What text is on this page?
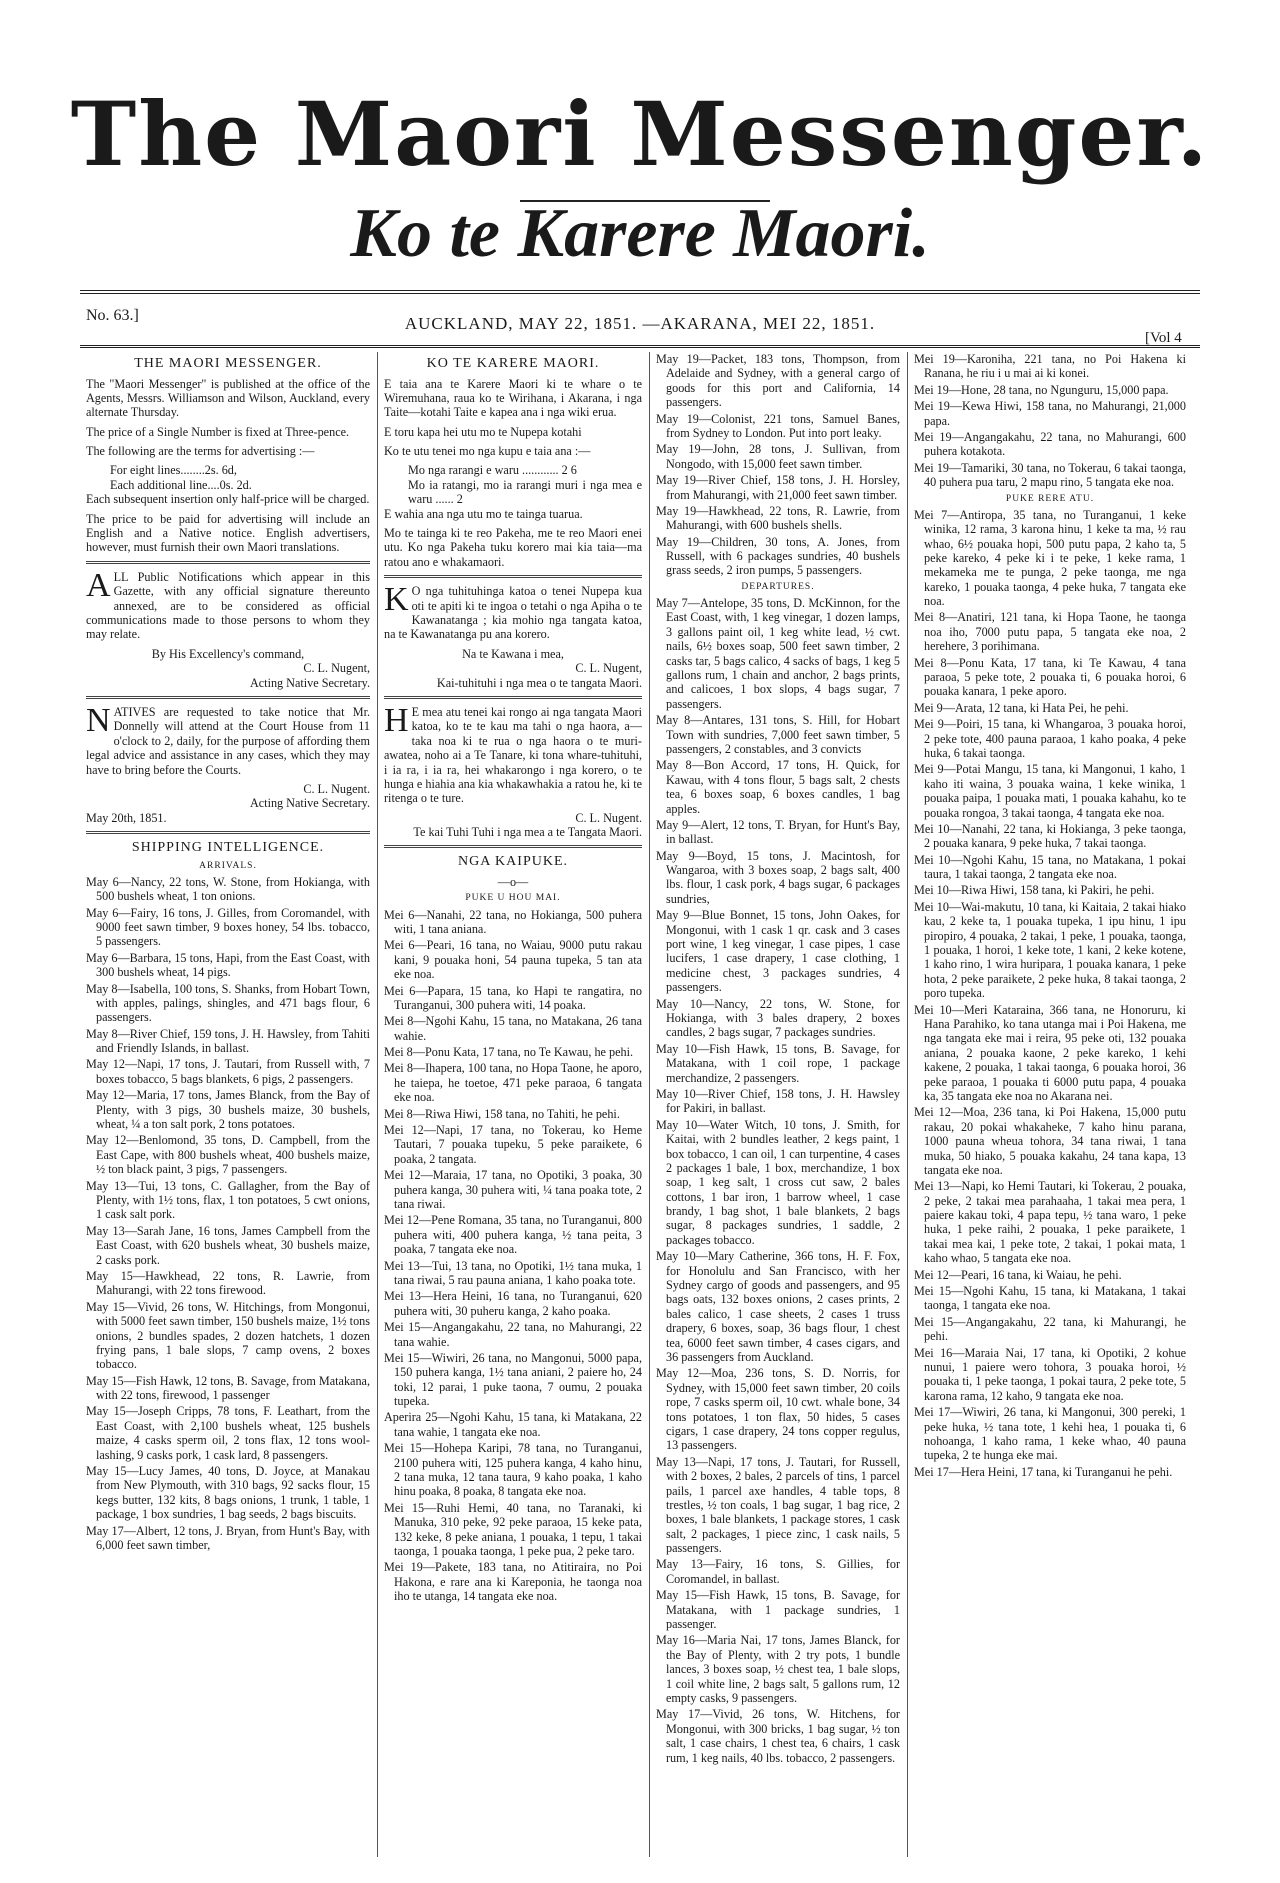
The Maori Messenger.
Ko te Karere Maori.
No. 63.]	AUCKLAND, MAY 22, 1851. —AKARANA, MEI 22, 1851.
[Vol 4
THE MAORI MESSENGER.

The "Maori Messenger" is published at the office of the Agents, Messrs. Williamson and Wilson, Auckland, every alternate Thursday.

The price of a Single Number is fixed at Three-pence.

The following are the terms for advertising :—

For eight lines........2s. 6d,

Each additional line....0s. 2d.

Each subsequent insertion only half-price will be charged.

The price to be paid for advertising will include an English and a Native notice. English advertisers, however, must furnish their own Maori translations.

ALL Public Notifications which appear in this Gazette, with any official signature thereunto annexed, are to be considered as official communications made to those persons to whom they may relate.

By His Excellency's command,

C. L. Nugent,

Acting Native Secretary.

NATIVES are requested to take notice that Mr. Donnelly will attend at the Court House from 11 o'clock to 2, daily, for the purpose of affording them legal advice and assistance in any cases, which they may have to bring before the Courts.

C. L. Nugent.

Acting Native Secretary.

May 20th, 1851.

SHIPPING INTELLIGENCE.
ARRIVALS.

May 6—Nancy, 22 tons, W. Stone, from Hokianga, with 500 bushels wheat, 1 ton onions.

May 6—Fairy, 16 tons, J. Gilles, from Coromandel, with 9000 feet sawn timber, 9 boxes honey, 54 lbs. tobacco, 5 passengers.

May 6—Barbara, 15 tons, Hapi, from the East Coast, with 300 bushels wheat, 14 pigs.

May 8—Isabella, 100 tons, S. Shanks, from Hobart Town, with apples, palings, shingles, and 471 bags flour, 6 passengers.

May 8—River Chief, 159 tons, J. H. Hawsley, from Tahiti and Friendly Islands, in ballast.

May 12—Napi, 17 tons, J. Tautari, from Russell with, 7 boxes tobacco, 5 bags blankets, 6 pigs, 2 passengers.

May 12—Maria, 17 tons, James Blanck, from the Bay of Plenty, with 3 pigs, 30 bushels maize, 30 bushels, wheat, ¼ a ton salt pork, 2 tons potatoes.

May 12—Benlomond, 35 tons, D. Campbell, from the East Cape, with 800 bushels wheat, 400 bushels maize, ½ ton black paint, 3 pigs, 7 passengers.

May 13—Tui, 13 tons, C. Gallagher, from the Bay of Plenty, with 1½ tons, flax, 1 ton potatoes, 5 cwt onions, 1 cask salt pork.

May 13—Sarah Jane, 16 tons, James Campbell from the East Coast, with 620 bushels wheat, 30 bushels maize, 2 casks pork.

May 15—Hawkhead, 22 tons, R. Lawrie, from Mahurangi, with 22 tons firewood.

May 15—Vivid, 26 tons, W. Hitchings, from Mongonui, with 5000 feet sawn timber, 150 bushels maize, 1½ tons onions, 2 bundles spades, 2 dozen hatchets, 1 dozen frying pans, 1 bale slops, 7 camp ovens, 2 boxes tobacco.

May 15—Fish Hawk, 12 tons, B. Savage, from Matakana, with 22 tons, firewood, 1 passenger

May 15—Joseph Cripps, 78 tons, F. Leathart, from the East Coast, with 2,100 bushels wheat, 125 bushels maize, 4 casks sperm oil, 2 tons flax, 12 tons wool-lashing, 9 casks pork, 1 cask lard, 8 passengers.

May 15—Lucy James, 40 tons, D. Joyce, at Manakau from New Plymouth, with 310 bags, 92 sacks flour, 15 kegs butter, 132 kits, 8 bags onions, 1 trunk, 1 table, 1 package, 1 box sundries, 1 bag seeds, 2 bags biscuits.

May 17—Albert, 12 tons, J. Bryan, from Hunt's Bay, with 6,000 feet sawn timber,

KO TE KARERE MAORI.

E taia ana te Karere Maori ki te whare o te Wiremuhana, raua ko te Wirihana, i Akarana, i nga Taite—kotahi Taite e kapea ana i nga wiki erua.

E toru kapa hei utu mo te Nupepa kotahi

Ko te utu tenei mo nga kupu e taia ana :—

Mo nga rarangi e waru ............ 2 6

Mo ia ratangi, mo ia rarangi muri i nga mea e waru ...... 2

E wahia ana nga utu mo te tainga tuarua.

Mo te tainga ki te reo Pakeha, me te reo Maori enei utu. Ko nga Pakeha tuku korero mai kia taia—ma ratou ano e whakamaori.

K O nga tuhituhinga katoa o tenei Nupepa kua oti te apiti ki te ingoa o tetahi o nga Apiha o te Kawanatanga ; kia mohio nga tangata katoa, na te Kawanatanga pu ana korero.

Na te Kawana i mea,

C. L. Nugent,

Kai-tuhituhi i nga mea o te tangata Maori.

H E mea atu tenei kai rongo ai nga tangata Maori katoa, ko te te kau ma tahi o nga haora, a—taka noa ki te rua o nga haora o te muri-awatea, noho ai a Te Tanare, ki tona whare-tuhituhi, i ia ra, i ia ra, hei whakarongo i nga korero, o te hunga e hiahia ana kia whakawhakia a ratou he, ki te ritenga o te ture.

C. L. Nugent.

Te kai Tuhi Tuhi i nga mea a te Tangata Maori.

NGA KAIPUKE.

—o—

PUKE U HOU MAI.

Mei 6—Nanahi, 22 tana, no Hokianga, 500 puhera witi, 1 tana aniana.

Mei 6—Peari, 16 tana, no Waiau, 9000 putu rakau kani, 9 pouaka honi, 54 pauna tupeka, 5 tan ata eke noa.

Mei 6—Papara, 15 tana, ko Hapi te rangatira, no Turanganui, 300 puhera witi, 14 poaka.

Mei 8—Ngohi Kahu, 15 tana, no Matakana, 26 tana wahie.

Mei 8—Ponu Kata, 17 tana, no Te Kawau, he pehi.

Mei 8—Ihapera, 100 tana, no Hopa Taone, he aporo, he taiepa, he toetoe, 471 peke paraoa, 6 tangata eke noa.

Mei 8—Riwa Hiwi, 158 tana, no Tahiti, he pehi.

Mei 12—Napi, 17 tana, no Tokerau, ko Heme Tautari, 7 pouaka tupeku, 5 peke paraikete, 6 poaka, 2 tangata.

Mei 12—Maraia, 17 tana, no Opotiki, 3 poaka, 30 puhera kanga, 30 puhera witi, ¼ tana poaka tote, 2 tana riwai.

Mei 12—Pene Romana, 35 tana, no Turanganui, 800 puhera witi, 400 puhera kanga, ½ tana peita, 3 poaka, 7 tangata eke noa.

Mei 13—Tui, 13 tana, no Opotiki, 1½ tana muka, 1 tana riwai, 5 rau pauna aniana, 1 kaho poaka tote.

Mei 13—Hera Heini, 16 tana, no Turanganui, 620 puhera witi, 30 puheru kanga, 2 kaho poaka.

Mei 15—Angangakahu, 22 tana, no Mahurangi, 22 tana wahie.

Mei 15—Wiwiri, 26 tana, no Mangonui, 5000 papa, 150 puhera kanga, 1½ tana aniani, 2 paiere ho, 24 toki, 12 parai, 1 puke taona, 7 oumu, 2 pouaka tupeka.

Aperira 25—Ngohi Kahu, 15 tana, ki Matakana, 22 tana wahie, 1 tangata eke noa.

Mei 15—Hohepa Karipi, 78 tana, no Turanganui, 2100 puhera witi, 125 puhera kanga, 4 kaho hinu, 2 tana muka, 12 tana taura, 9 kaho poaka, 1 kaho hinu poaka, 8 poaka, 8 tangata eke noa.

Mei 15—Ruhi Hemi, 40 tana, no Taranaki, ki Manuka, 310 peke, 92 peke paraoa, 15 keke pata, 132 keke, 8 peke aniana, 1 pouaka, 1 tepu, 1 takai taonga, 1 pouaka taonga, 1 peke pua, 2 peke taro.

Mei 19—Pakete, 183 tana, no Atitiraira, no Poi Hakona, e rare ana ki Kareponia, he taonga noa iho te utanga, 14 tangata eke noa.

May 19—Packet, 183 tons, Thompson, from Adelaide and Sydney, with a general cargo of goods for this port and California, 14 passengers.

May 19—Colonist, 221 tons, Samuel Banes, from Sydney to London. Put into port leaky.

May 19—John, 28 tons, J. Sullivan, from Nongodo, with 15,000 feet sawn timber.

May 19—River Chief, 158 tons, J. H. Horsley, from Mahurangi, with 21,000 feet sawn timber.

May 19—Hawkhead, 22 tons, R. Lawrie, from Mahurangi, with 600 bushels shells.

May 19—Children, 30 tons, A. Jones, from Russell, with 6 packages sundries, 40 bushels grass seeds, 2 iron pumps, 5 passengers.

DEPARTURES.

May 7—Antelope, 35 tons, D. McKinnon, for the East Coast, with, 1 keg vinegar, 1 dozen lamps, 3 gallons paint oil, 1 keg white lead, ½ cwt. nails, 6½ boxes soap, 500 feet sawn timber, 2 casks tar, 5 bags calico, 4 sacks of bags, 1 keg 5 gallons rum, 1 chain and anchor, 2 bags prints, and calicoes, 1 box slops, 4 bags sugar, 7 passengers.

May 8—Antares, 131 tons, S. Hill, for Hobart Town with sundries, 7,000 feet sawn timber, 5 passengers, 2 constables, and 3 convicts

May 8—Bon Accord, 17 tons, H. Quick, for Kawau, with 4 tons flour, 5 bags salt, 2 chests tea, 6 boxes soap, 6 boxes candles, 1 bag apples.

May 9—Alert, 12 tons, T. Bryan, for Hunt's Bay, in ballast.

May 9—Boyd, 15 tons, J. Macintosh, for Wangaroa, with 3 boxes soap, 2 bags salt, 400 lbs. flour, 1 cask pork, 4 bags sugar, 6 packages sundries,

May 9—Blue Bonnet, 15 tons, John Oakes, for Mongonui, with 1 cask 1 qr. cask and 3 cases port wine, 1 keg vinegar, 1 case pipes, 1 case lucifers, 1 case drapery, 1 case clothing, 1 medicine chest, 3 packages sundries, 4 passengers.

May 10—Nancy, 22 tons, W. Stone, for Hokianga, with 3 bales drapery, 2 boxes candles, 2 bags sugar, 7 packages sundries.

May 10—Fish Hawk, 15 tons, B. Savage, for Matakana, with 1 coil rope, 1 package merchandize, 2 passengers.

May 10—River Chief, 158 tons, J. H. Hawsley for Pakiri, in ballast.

May 10—Water Witch, 10 tons, J. Smith, for Kaitai, with 2 bundles leather, 2 kegs paint, 1 box tobacco, 1 can oil, 1 can turpentine, 4 cases 2 packages 1 bale, 1 box, merchandize, 1 box soap, 1 keg salt, 1 cross cut saw, 2 bales cottons, 1 bar iron, 1 barrow wheel, 1 case brandy, 1 bag shot, 1 bale blankets, 2 bags sugar, 8 packages sundries, 1 saddle, 2 packages tobacco.

May 10—Mary Catherine, 366 tons, H. F. Fox, for Honolulu and San Francisco, with her Sydney cargo of goods and passengers, and 95 bags oats, 132 boxes onions, 2 cases prints, 2 bales calico, 1 case sheets, 2 cases 1 truss drapery, 6 boxes, soap, 36 bags flour, 1 chest tea, 6000 feet sawn timber, 4 cases cigars, and 36 passengers from Auckland.

May 12—Moa, 236 tons, S. D. Norris, for Sydney, with 15,000 feet sawn timber, 20 coils rope, 7 casks sperm oil, 10 cwt. whale bone, 34 tons potatoes, 1 ton flax, 50 hides, 5 cases cigars, 1 case drapery, 24 tons copper regulus, 13 passengers.

May 13—Napi, 17 tons, J. Tautari, for Russell, with 2 boxes, 2 bales, 2 parcels of tins, 1 parcel pails, 1 parcel axe handles, 4 table tops, 8 trestles, ½ ton coals, 1 bag sugar, 1 bag rice, 2 boxes, 1 bale blankets, 1 package stores, 1 cask salt, 2 packages, 1 piece zinc, 1 cask nails, 5 passengers.

May 13—Fairy, 16 tons, S. Gillies, for Coromandel, in ballast.

May 15—Fish Hawk, 15 tons, B. Savage, for Matakana, with 1 package sundries, 1 passenger.

May 16—Maria Nai, 17 tons, James Blanck, for the Bay of Plenty, with 2 try pots, 1 bundle lances, 3 boxes soap, ½ chest tea, 1 bale slops, 1 coil white line, 2 bags salt, 5 gallons rum, 12 empty casks, 9 passengers.

May 17—Vivid, 26 tons, W. Hitchens, for Mongonui, with 300 bricks, 1 bag sugar, ½ ton salt, 1 case chairs, 1 chest tea, 6 chairs, 1 cask rum, 1 keg nails, 40 lbs. tobacco, 2 passengers.

Mei 19—Karoniha, 221 tana, no Poi Hakena ki Ranana, he riu i u mai ai ki konei.

Mei 19—Hone, 28 tana, no Ngunguru, 15,000 papa.

Mei 19—Kewa Hiwi, 158 tana, no Mahurangi, 21,000 papa.

Mei 19—Angangakahu, 22 tana, no Mahurangi, 600 puhera kotakota.

Mei 19—Tamariki, 30 tana, no Tokerau, 6 takai taonga, 40 puhera pua taru, 2 mapu rino, 5 tangata eke noa.

PUKE RERE ATU.

Mei 7—Antiropa, 35 tana, no Turanganui, 1 keke winika, 12 rama, 3 karona hinu, 1 keke ta ma, ½ rau whao, 6½ pouaka hopi, 500 putu papa, 2 kaho ta, 5 peke kareko, 4 peke ki i te peke, 1 keke rama, 1 mekameka me te punga, 2 peke taonga, me nga kareko, 1 pouaka taonga, 4 peke huka, 7 tangata eke noa.

Mei 8—Anatiri, 121 tana, ki Hopa Taone, he taonga noa iho, 7000 putu papa, 5 tangata eke noa, 2 herehere, 3 porihimana.

Mei 8—Ponu Kata, 17 tana, ki Te Kawau, 4 tana paraoa, 5 peke tote, 2 pouaka ti, 6 pouaka horoi, 6 pouaka kanara, 1 peke aporo.

Mei 9—Arata, 12 tana, ki Hata Pei, he pehi.

Mei 9—Poiri, 15 tana, ki Whangaroa, 3 pouaka horoi, 2 peke tote, 400 pauna paraoa, 1 kaho poaka, 4 peke huka, 6 takai taonga.

Mei 9—Potai Mangu, 15 tana, ki Mangonui, 1 kaho, 1 kaho iti waina, 3 pouaka waina, 1 keke winika, 1 pouaka paipa, 1 pouaka mati, 1 pouaka kahahu, ko te pouaka rongoa, 3 takai taonga, 4 tangata eke noa.

Mei 10—Nanahi, 22 tana, ki Hokianga, 3 peke taonga, 2 pouaka kanara, 9 peke huka, 7 takai taonga.

Mei 10—Ngohi Kahu, 15 tana, no Matakana, 1 pokai taura, 1 takai taonga, 2 tangata eke noa.

Mei 10—Riwa Hiwi, 158 tana, ki Pakiri, he pehi.

Mei 10—Wai-makutu, 10 tana, ki Kaitaia, 2 takai hiako kau, 2 keke ta, 1 pouaka tupeka, 1 ipu hinu, 1 ipu piropiro, 4 pouaka, 2 takai, 1 peke, 1 pouaka, taonga, 1 pouaka, 1 horoi, 1 keke tote, 1 kani, 2 keke kotene, 1 kaho rino, 1 wira huripara, 1 pouaka kanara, 1 peke hota, 2 peke paraikete, 2 peke huka, 8 takai taonga, 2 poro tupeka.

Mei 10—Meri Kataraina, 366 tana, ne Honoruru, ki Hana Parahiko, ko tana utanga mai i Poi Hakena, me nga tangata eke mai i reira, 95 peke oti, 132 pouaka aniana, 2 pouaka kaone, 2 peke kareko, 1 kehi kakene, 2 pouaka, 1 takai taonga, 6 pouaka horoi, 36 peke paraoa, 1 pouaka ti 6000 putu papa, 4 pouaka ka, 35 tangata eke noa no Akarana nei.

Mei 12—Moa, 236 tana, ki Poi Hakena, 15,000 putu rakau, 20 pokai whakaheke, 7 kaho hinu parana, 1000 pauna wheua tohora, 34 tana riwai, 1 tana muka, 50 hiako, 5 pouaka kakahu, 24 tana kapa, 13 tangata eke noa.

Mei 13—Napi, ko Hemi Tautari, ki Tokerau, 2 pouaka, 2 peke, 2 takai mea parahaaha, 1 takai mea pera, 1 paiere kakau toki, 4 papa tepu, ½ tana waro, 1 peke huka, 1 peke raihi, 2 pouaka, 1 peke paraikete, 1 takai mea kai, 1 peke tote, 2 takai, 1 pokai mata, 1 kaho whao, 5 tangata eke noa.

Mei 12—Peari, 16 tana, ki Waiau, he pehi.

Mei 15—Ngohi Kahu, 15 tana, ki Matakana, 1 takai taonga, 1 tangata eke noa.

Mei 15—Angangakahu, 22 tana, ki Mahurangi, he pehi.

Mei 16—Maraia Nai, 17 tana, ki Opotiki, 2 kohue nunui, 1 paiere wero tohora, 3 pouaka horoi, ½ pouaka ti, 1 peke taonga, 1 pokai taura, 2 peke tote, 5 karona rama, 12 kaho, 9 tangata eke noa.

Mei 17—Wiwiri, 26 tana, ki Mangonui, 300 pereki, 1 peke huka, ½ tana tote, 1 kehi hea, 1 pouaka ti, 6 nohoanga, 1 kaho rama, 1 keke whao, 40 pauna tupeka, 2 te hunga eke mai.

Mei 17—Hera Heini, 17 tana, ki Turanganui he pehi.
